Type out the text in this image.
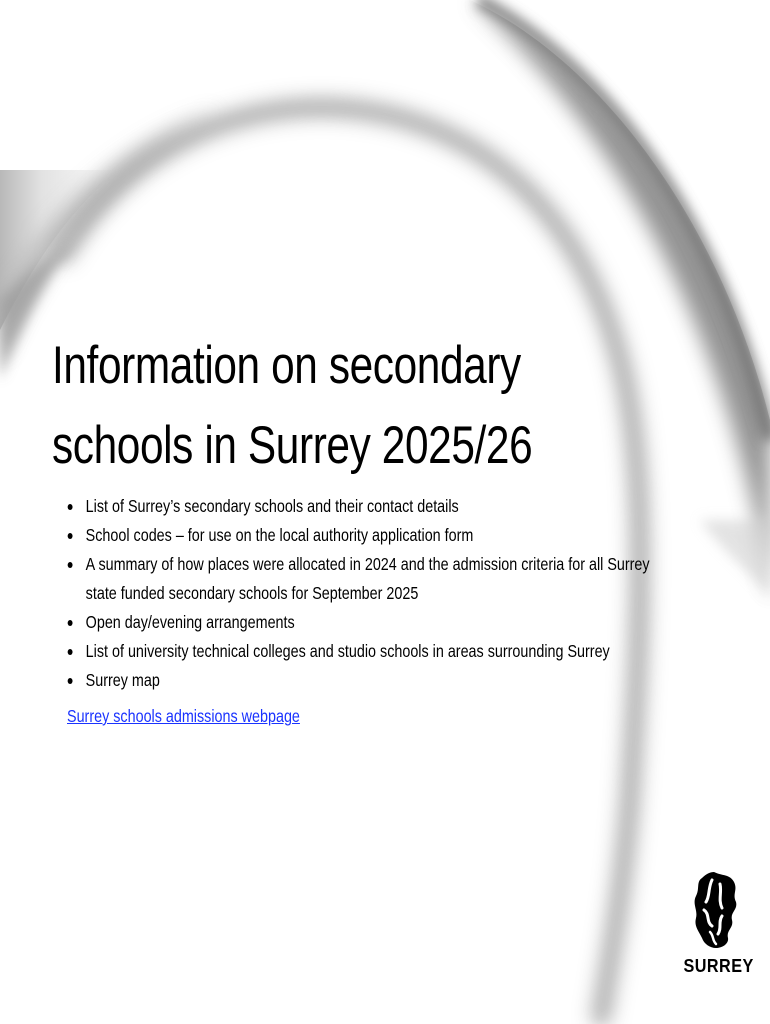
Information on secondary
schools in Surrey 2025/26
List of Surrey’s secondary schools and their contact details
School codes – for use on the local authority application form
A summary of how places were allocated in 2024 and the admission criteria for all Surrey
state funded secondary schools for September 2025
Open day/evening arrangements
List of university technical colleges and studio schools in areas surrounding Surrey
Surrey map
Surrey schools admissions webpage
SURREY
